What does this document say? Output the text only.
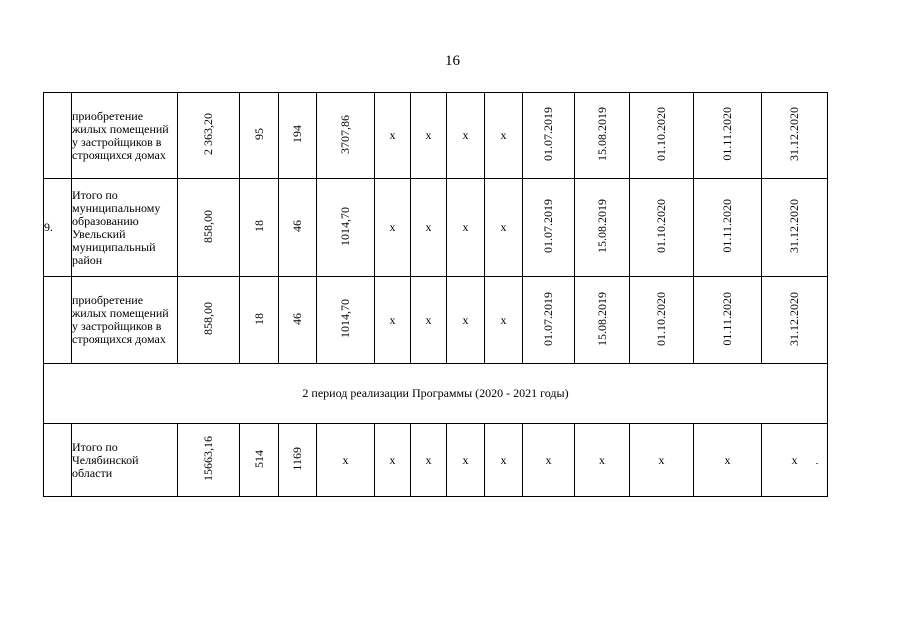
16
	приобретение жилых помещений у застройщиков в строящихся домах	2 363,20	95	194	3707,86	x	x	x	x	01.07.2019	15.08.2019	01.10.2020	01.11.2020	31.12.2020
9.	Итого по муниципальному образованию Увельский муниципальный район	858,00	18	46	1014,70	x	x	x	x	01.07.2019	15.08.2019	01.10.2020	01.11.2020	31.12.2020
	приобретение жилых помещений у застройщиков в строящихся домах	858,00	18	46	1014,70	x	x	x	x	01.07.2019	15.08.2019	01.10.2020	01.11.2020	31.12.2020
2 период реализации Программы (2020 - 2021 годы)														
	Итого по Челябинской области	15663,16	514	1169	x	x	x	x	x	x	x	x	x	x
